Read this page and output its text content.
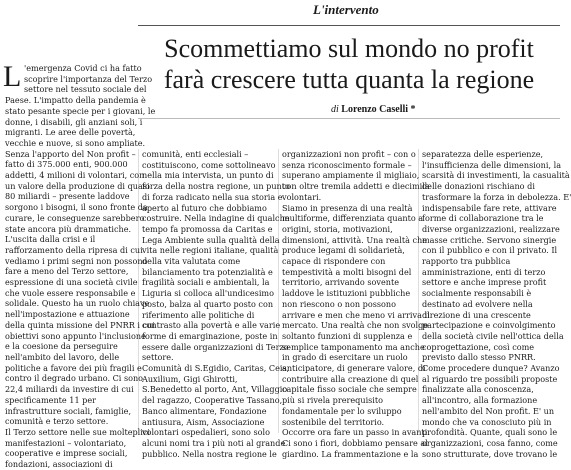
L'intervento
Scommettiamo sul mondo no profit
farà crescere tutta quanta la regione
di Lorenzo Caselli *
L 'emergenza Covid ci ha fatto
scoprire l'importanza del Terzo
settore nel tessuto sociale del
Paese. L'impatto della pandemia è
stato pesante specie per i giovani, le
donne, i disabili, gli anziani soli, i
migranti. Le aree delle povertà,
vecchie e nuove, si sono ampliate.
Senza l'apporto del Non profit –
fatto di 375.000 enti, 900.000
addetti, 4 milioni di volontari, con
un valore della produzione di quasi
80 miliardi – presente laddove
sorgono i bisogni, il sono fronte da
curare, le conseguenze sarebbero
state ancora più drammatiche.
L'uscita dalla crisi e il
rafforzamento della ripresa di cui
vediamo i primi segni non possono
fare a meno del Terzo settore,
espressione di una società civile
che vuole essere responsabile e
solidale. Questo ha un ruolo chiave
nell'impostazione e attuazione
della quinta missione del PNRR i cui
obiettivi sono appunto l'inclusione
e la coesione da perseguire
nell'ambito del lavoro, delle
politiche a favore dei più fragili e
contro il degrado urbano. Ci sono
22,4 miliardi da investire di cui
specificamente 11 per
infrastrutture sociali, famiglie,
comunità e terzo settore.
Il Terzo settore nelle sue molteplici
manifestazioni – volontariato,
cooperative e imprese sociali,
fondazioni, associazioni di
comunità, enti ecclesiali –
costituiscono, come sottolineavo
nella mia intervista, un punto di
forza della nostra regione, un punto
di forza radicato nella sua storia e
aperto al futuro che dobbiamo
costruire. Nella indagine di qualche
tempo fa promossa da Caritas e
Lega Ambiente sulla qualità della
vita nelle regioni italiane, qualità
della vita valutata come
bilanciamento tra potenzialità e
fragilità sociali e ambientali, la
Liguria si colloca all'undicesimo
posto, balza al quarto posto con
riferimento alle politiche di
contrasto alla povertà e alle varie
forme di emarginazione, poste in
essere dalle organizzazioni di Terzo
settore.
Comunità di S.Egidio, Caritas, Ceis,
Auxilium, Gigi Ghirotti,
S.Benedetto al porto, Ant, Villaggio
del ragazzo, Cooperative Tassano,
Banco alimentare, Fondazione
antiusura, Aism, Associazione
volontari ospedalieri, sono solo
alcuni nomi tra i più noti al grande
pubblico. Nella nostra regione le
organizzazioni non profit – con o
senza riconoscimento formale –
superano ampiamente il migliaio,
con oltre tremila addetti e diecimila
volontari.
Siamo in presenza di una realtà
multiforme, differenziata quanto a
origini, storia, motivazioni,
dimensioni, attività. Una realtà che
produce legami di solidarietà,
capace di rispondere con
tempestività a molti bisogni del
territorio, arrivando sovente
laddove le istituzioni pubbliche
non riescono o non possono
arrivare e men che meno vi arriva il
mercato. Una realtà che non svolge
soltanto funzioni di supplenza e
semplice tamponamento ma anche
in grado di esercitare un ruolo
anticipatore, di generare valore, di
contribuire alla creazione di quel
capitale fisso sociale che sempre
più si rivela prerequisito
fondamentale per lo sviluppo
sostenibile del territorio.
Occorre ora fare un passo in avanti.
Ci sono i fiori, dobbiamo pensare al
giardino. La frammentazione e la
separatezza delle esperienze,
l'insufficienza delle dimensioni, la
scarsità di investimenti, la casualità
delle donazioni rischiano di
trasformare la forza in debolezza. E'
indispensabile fare rete, attivare
forme di collaborazione tra le
diverse organizzazioni, realizzare
masse critiche. Servono sinergie
con il pubblico e con il privato. Il
rapporto tra pubblica
amministrazione, enti di terzo
settore e anche imprese profit
socialmente responsabili è
destinato ad evolvere nella
direzione di una crescente
partecipazione e coinvolgimento
della società civile nell'ottica della
coprogettazione, così come
previsto dallo stesso PNRR.
Come procedere dunque? Avanzo
al riguardo tre possibili proposte
finalizzate alla conoscenza,
all'incontro, alla formazione
nell'ambito del Non profit. E' un
mondo che va conosciuto più in
profondità. Quante, quali sono le
organizzazioni, cosa fanno, come
sono strutturate, dove trovano le
